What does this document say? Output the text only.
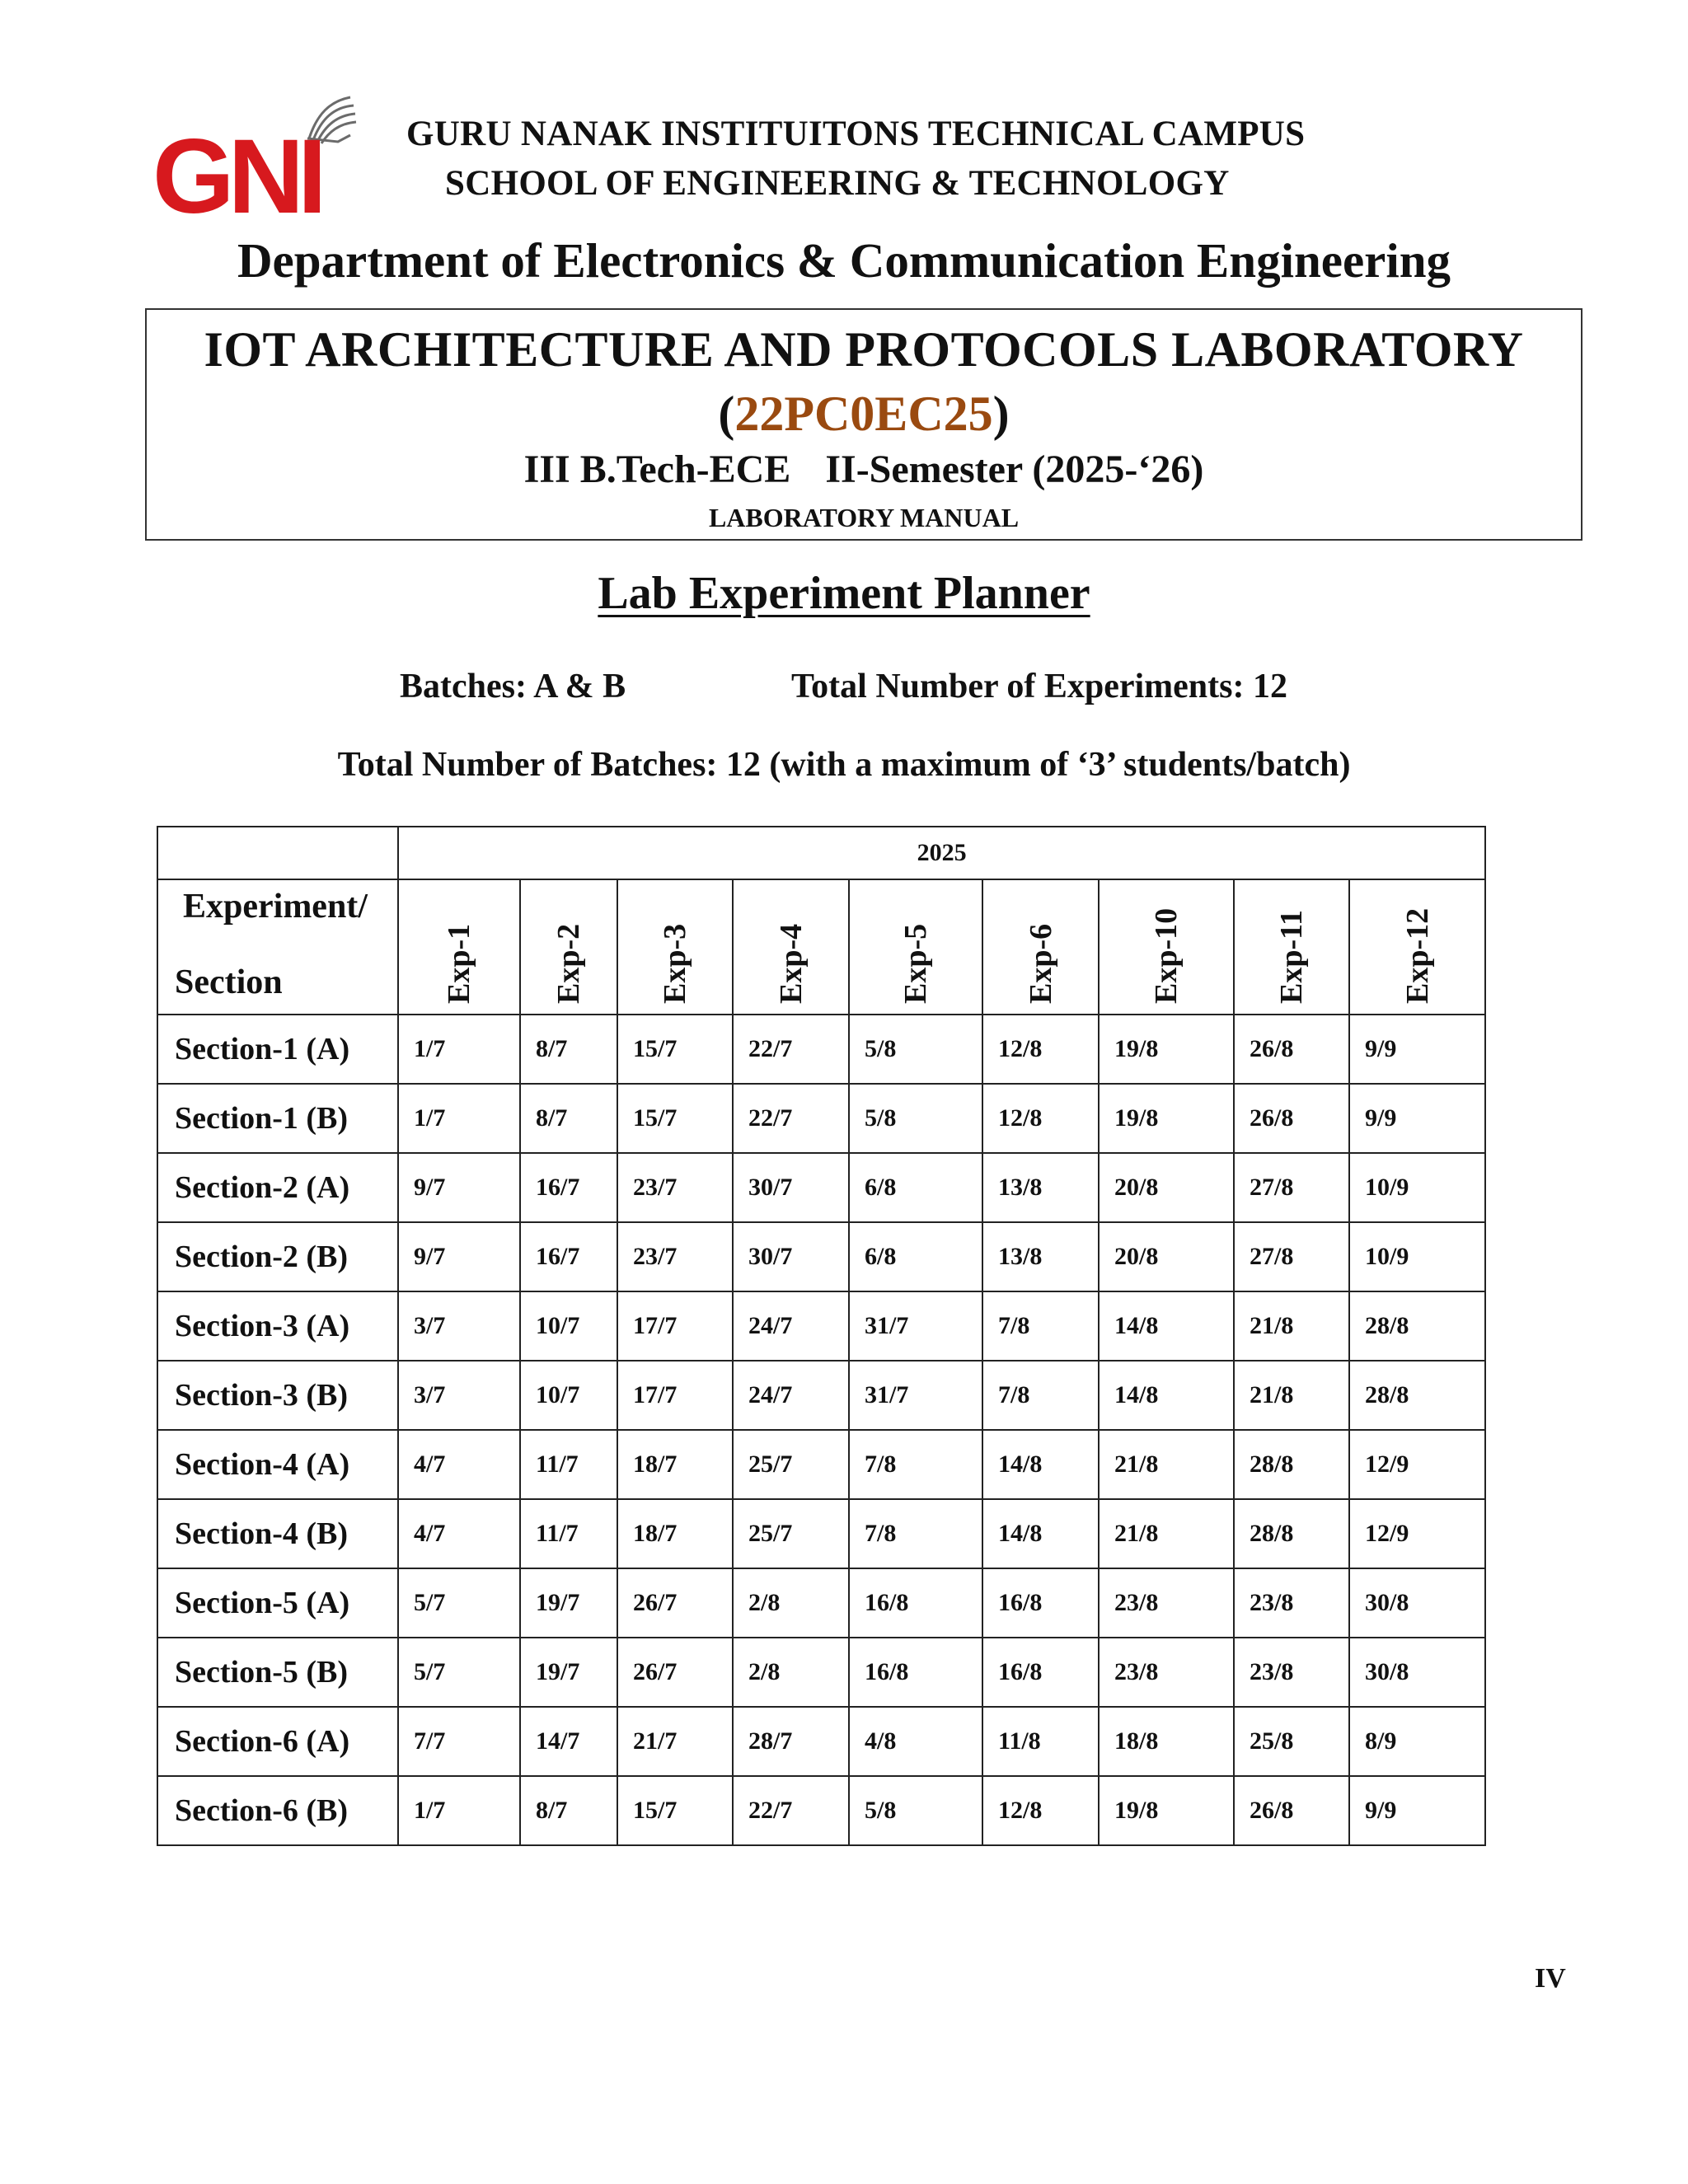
GNI GURU NANAK INSTITUITONS TECHNICAL CAMPUS
SCHOOL OF ENGINEERING & TECHNOLOGY
Department of Electronics & Communication Engineering
IOT ARCHITECTURE AND PROTOCOLS LABORATORY
(22PC0EC25)
III B.Tech-ECE II-Semester (2025-‘26)
LABORATORY MANUAL
Lab Experiment Planner
Batches: A & B	Total Number of Experiments: 12
Total Number of Batches: 12 (with a maximum of ‘3’ students/batch)
	2025								

Experiment/
Section	Exp-1	Exp-2	Exp-3	Exp-4	Exp-5	Exp-6	Exp-10	Exp-11	Exp-12

Section-1 (A)	1/7	8/7	15/7	22/7	5/8	12/8	19/8	26/8	9/9
Section-1 (B)	1/7	8/7	15/7	22/7	5/8	12/8	19/8	26/8	9/9
Section-2 (A)	9/7	16/7	23/7	30/7	6/8	13/8	20/8	27/8	10/9
Section-2 (B)	9/7	16/7	23/7	30/7	6/8	13/8	20/8	27/8	10/9
Section-3 (A)	3/7	10/7	17/7	24/7	31/7	7/8	14/8	21/8	28/8
Section-3 (B)	3/7	10/7	17/7	24/7	31/7	7/8	14/8	21/8	28/8
Section-4 (A)	4/7	11/7	18/7	25/7	7/8	14/8	21/8	28/8	12/9
Section-4 (B)	4/7	11/7	18/7	25/7	7/8	14/8	21/8	28/8	12/9
Section-5 (A)	5/7	19/7	26/7	2/8	16/8	16/8	23/8	23/8	30/8
Section-5 (B)	5/7	19/7	26/7	2/8	16/8	16/8	23/8	23/8	30/8
Section-6 (A)	7/7	14/7	21/7	28/7	4/8	11/8	18/8	25/8	8/9
Section-6 (B)	1/7	8/7	15/7	22/7	5/8	12/8	19/8	26/8	9/9
IV
